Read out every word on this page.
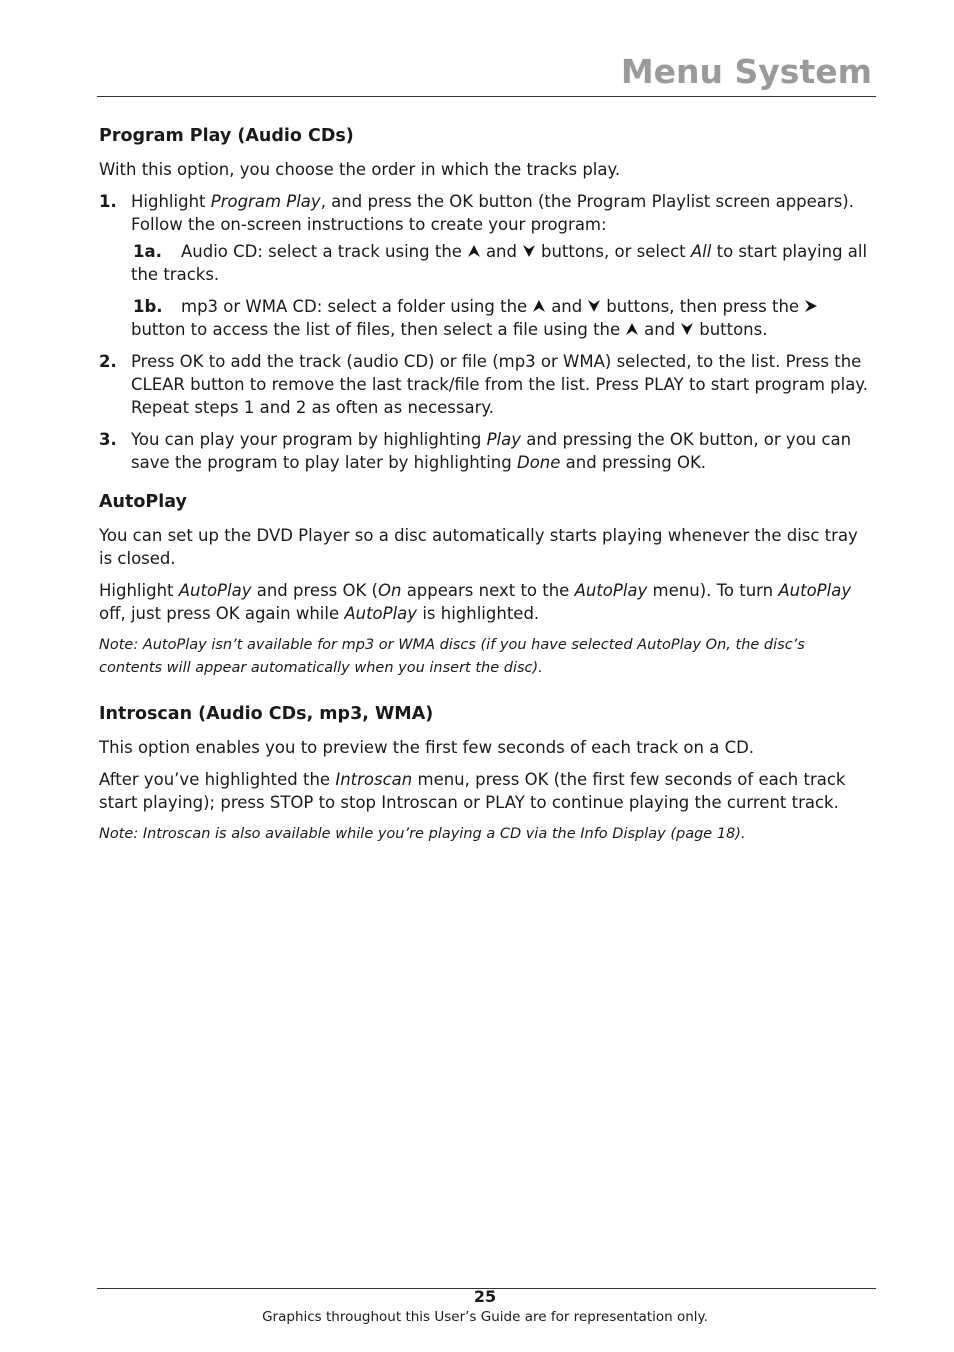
Menu System
Program Play (Audio CDs)

With this option, you choose the order in which the tracks play.

1. Highlight Program Play, and press the OK button (the Program Playlist screen appears). Follow the on-screen instructions to create your program:
1a. Audio CD: select a track using the and buttons, or select All to start playing all the tracks.
1b. mp3 or WMA CD: select a folder using the and buttons, then press the
button to access the list of files, then select a file using the and buttons.
2. Press OK to add the track (audio CD) or file (mp3 or WMA) selected, to the list. Press the CLEAR button to remove the last track/file from the list. Press PLAY to start program play. Repeat steps 1 and 2 as often as necessary.
3. You can play your program by highlighting Play and pressing the OK button, or you can save the program to play later by highlighting Done and pressing OK.
AutoPlay

You can set up the DVD Player so a disc automatically starts playing whenever the disc tray is closed.

Highlight AutoPlay and press OK (On appears next to the AutoPlay menu). To turn AutoPlay off, just press OK again while AutoPlay is highlighted.

Note: AutoPlay isn’t available for mp3 or WMA discs (if you have selected AutoPlay On, the disc’s contents will appear automatically when you insert the disc).

Introscan (Audio CDs, mp3, WMA)

This option enables you to preview the first few seconds of each track on a CD.

After you’ve highlighted the Introscan menu, press OK (the first few seconds of each track start playing); press STOP to stop Introscan or PLAY to continue playing the current track.

Note: Introscan is also available while you’re playing a CD via the Info Display (page 18).

25
Graphics throughout this User’s Guide are for representation only.
